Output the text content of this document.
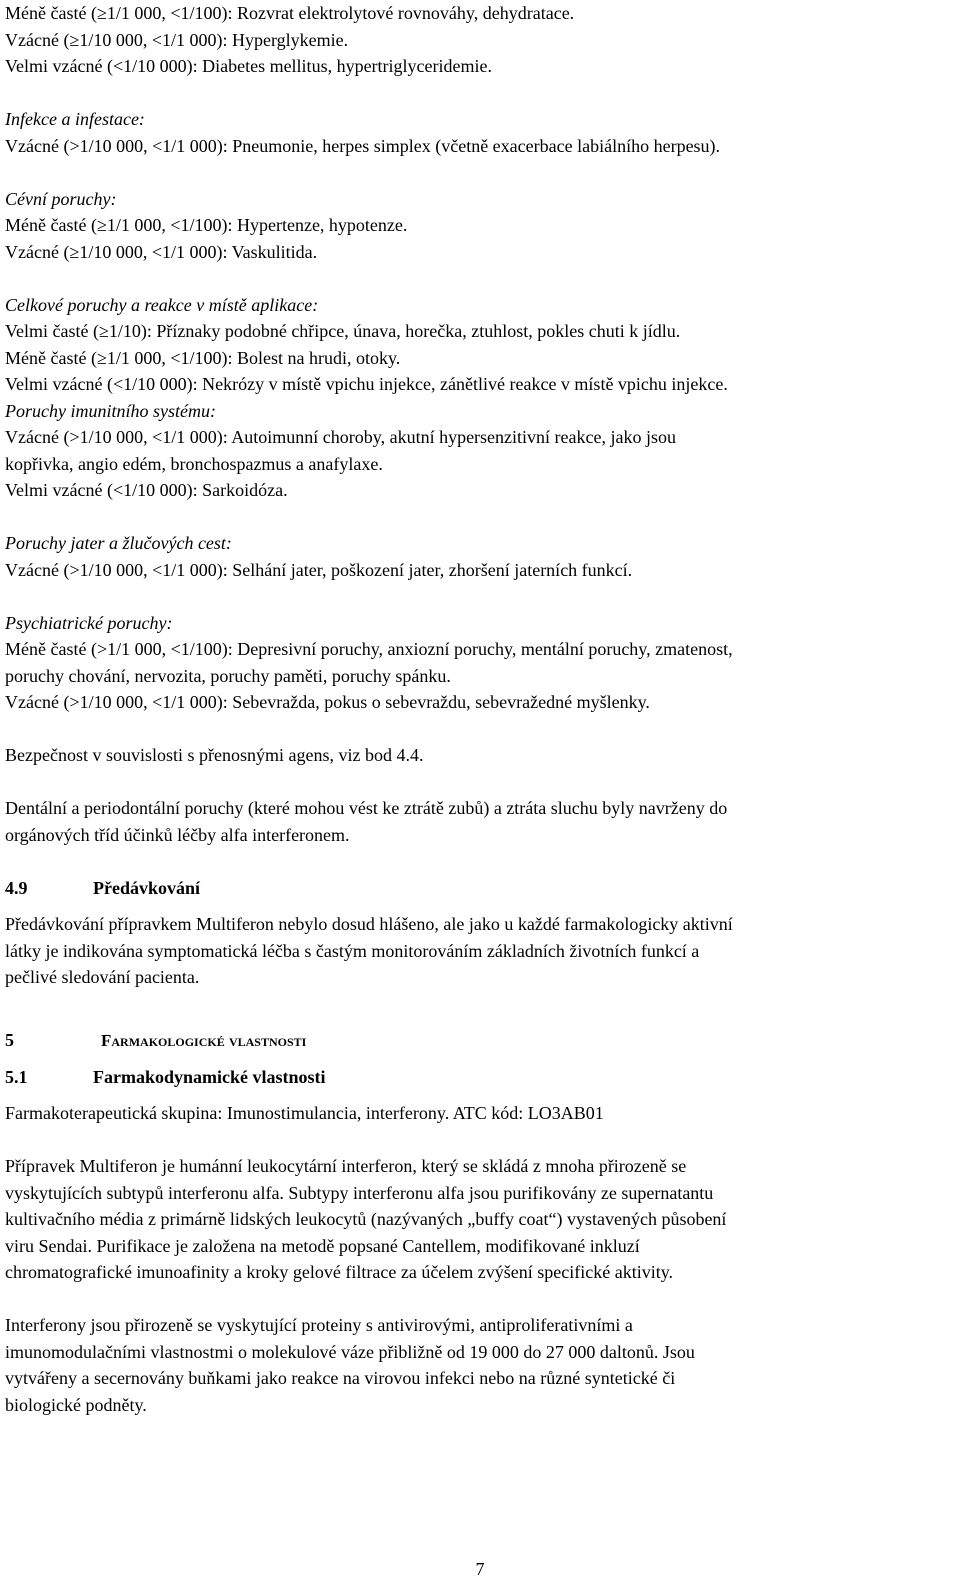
Méně časté (≥1/1 000, <1/100): Rozvrat elektrolytové rovnováhy, dehydratace.
Vzácné (≥1/10 000, <1/1 000): Hyperglykemie.
Velmi vzácné (<1/10 000): Diabetes mellitus, hypertriglyceridemie.
Infekce a infestace:
Vzácné (>1/10 000, <1/1 000): Pneumonie, herpes simplex (včetně exacerbace labiálního herpesu).
Cévní poruchy:
Méně časté (≥1/1 000, <1/100): Hypertenze, hypotenze.
Vzácné (≥1/10 000, <1/1 000): Vaskulitida.
Celkové poruchy a reakce v místě aplikace:
Velmi časté (≥1/10): Příznaky podobné chřipce, únava, horečka, ztuhlost, pokles chuti k jídlu.
Méně časté (≥1/1 000, <1/100): Bolest na hrudi, otoky.
Velmi vzácné (<1/10 000): Nekrózy v místě vpichu injekce, zánětlivé reakce v místě vpichu injekce.
Poruchy imunitního systému:
Vzácné (>1/10 000, <1/1 000): Autoimunní choroby, akutní hypersenzitivní reakce, jako jsou
kopřivka, angio edém, bronchospazmus a anafylaxe.
Velmi vzácné (<1/10 000): Sarkoidóza.
Poruchy jater a žlučových cest:
Vzácné (>1/10 000, <1/1 000): Selhání jater, poškození jater, zhoršení jaterních funkcí.
Psychiatrické poruchy:
Méně časté (>1/1 000, <1/100): Depresivní poruchy, anxiozní poruchy, mentální poruchy, zmatenost,
poruchy chování, nervozita, poruchy paměti, poruchy spánku.
Vzácné (>1/10 000, <1/1 000): Sebevražda, pokus o sebevraždu, sebevražedné myšlenky.
Bezpečnost v souvislosti s přenosnými agens, viz bod 4.4.
Dentální a periodontální poruchy (které mohou vést ke ztrátě zubů) a ztráta sluchu byly navrženy do
orgánových tříd účinků léčby alfa interferonem.
4.9	Předávkování
Předávkování přípravkem Multiferon nebylo dosud hlášeno, ale jako u každé farmakologicky aktivní
látky je indikována symptomatická léčba s častým monitorováním základních životních funkcí a
pečlivé sledování pacienta.
5	Farmakologické vlastnosti
5.1	Farmakodynamické vlastnosti
Farmakoterapeutická skupina: Imunostimulancia, interferony. ATC kód: LO3AB01
Přípravek Multiferon je humánní leukocytární interferon, který se skládá z mnoha přirozeně se
vyskytujících subtypů interferonu alfa. Subtypy interferonu alfa jsou purifikovány ze supernatantu
kultivačního média z primárně lidských leukocytů (nazývaných „buffy coat“) vystavených působení
viru Sendai. Purifikace je založena na metodě popsané Cantellem, modifikované inkluzí
chromatografické imunoafinity a kroky gelové filtrace za účelem zvýšení specifické aktivity.
Interferony jsou přirozeně se vyskytující proteiny s antivirovými, antiproliferativními a
imunomodulačními vlastnostmi o molekulové váze přibližně od 19 000 do 27 000 daltonů. Jsou
vytvářeny a secernovány buňkami jako reakce na virovou infekci nebo na různé syntetické či
biologické podněty.
7
